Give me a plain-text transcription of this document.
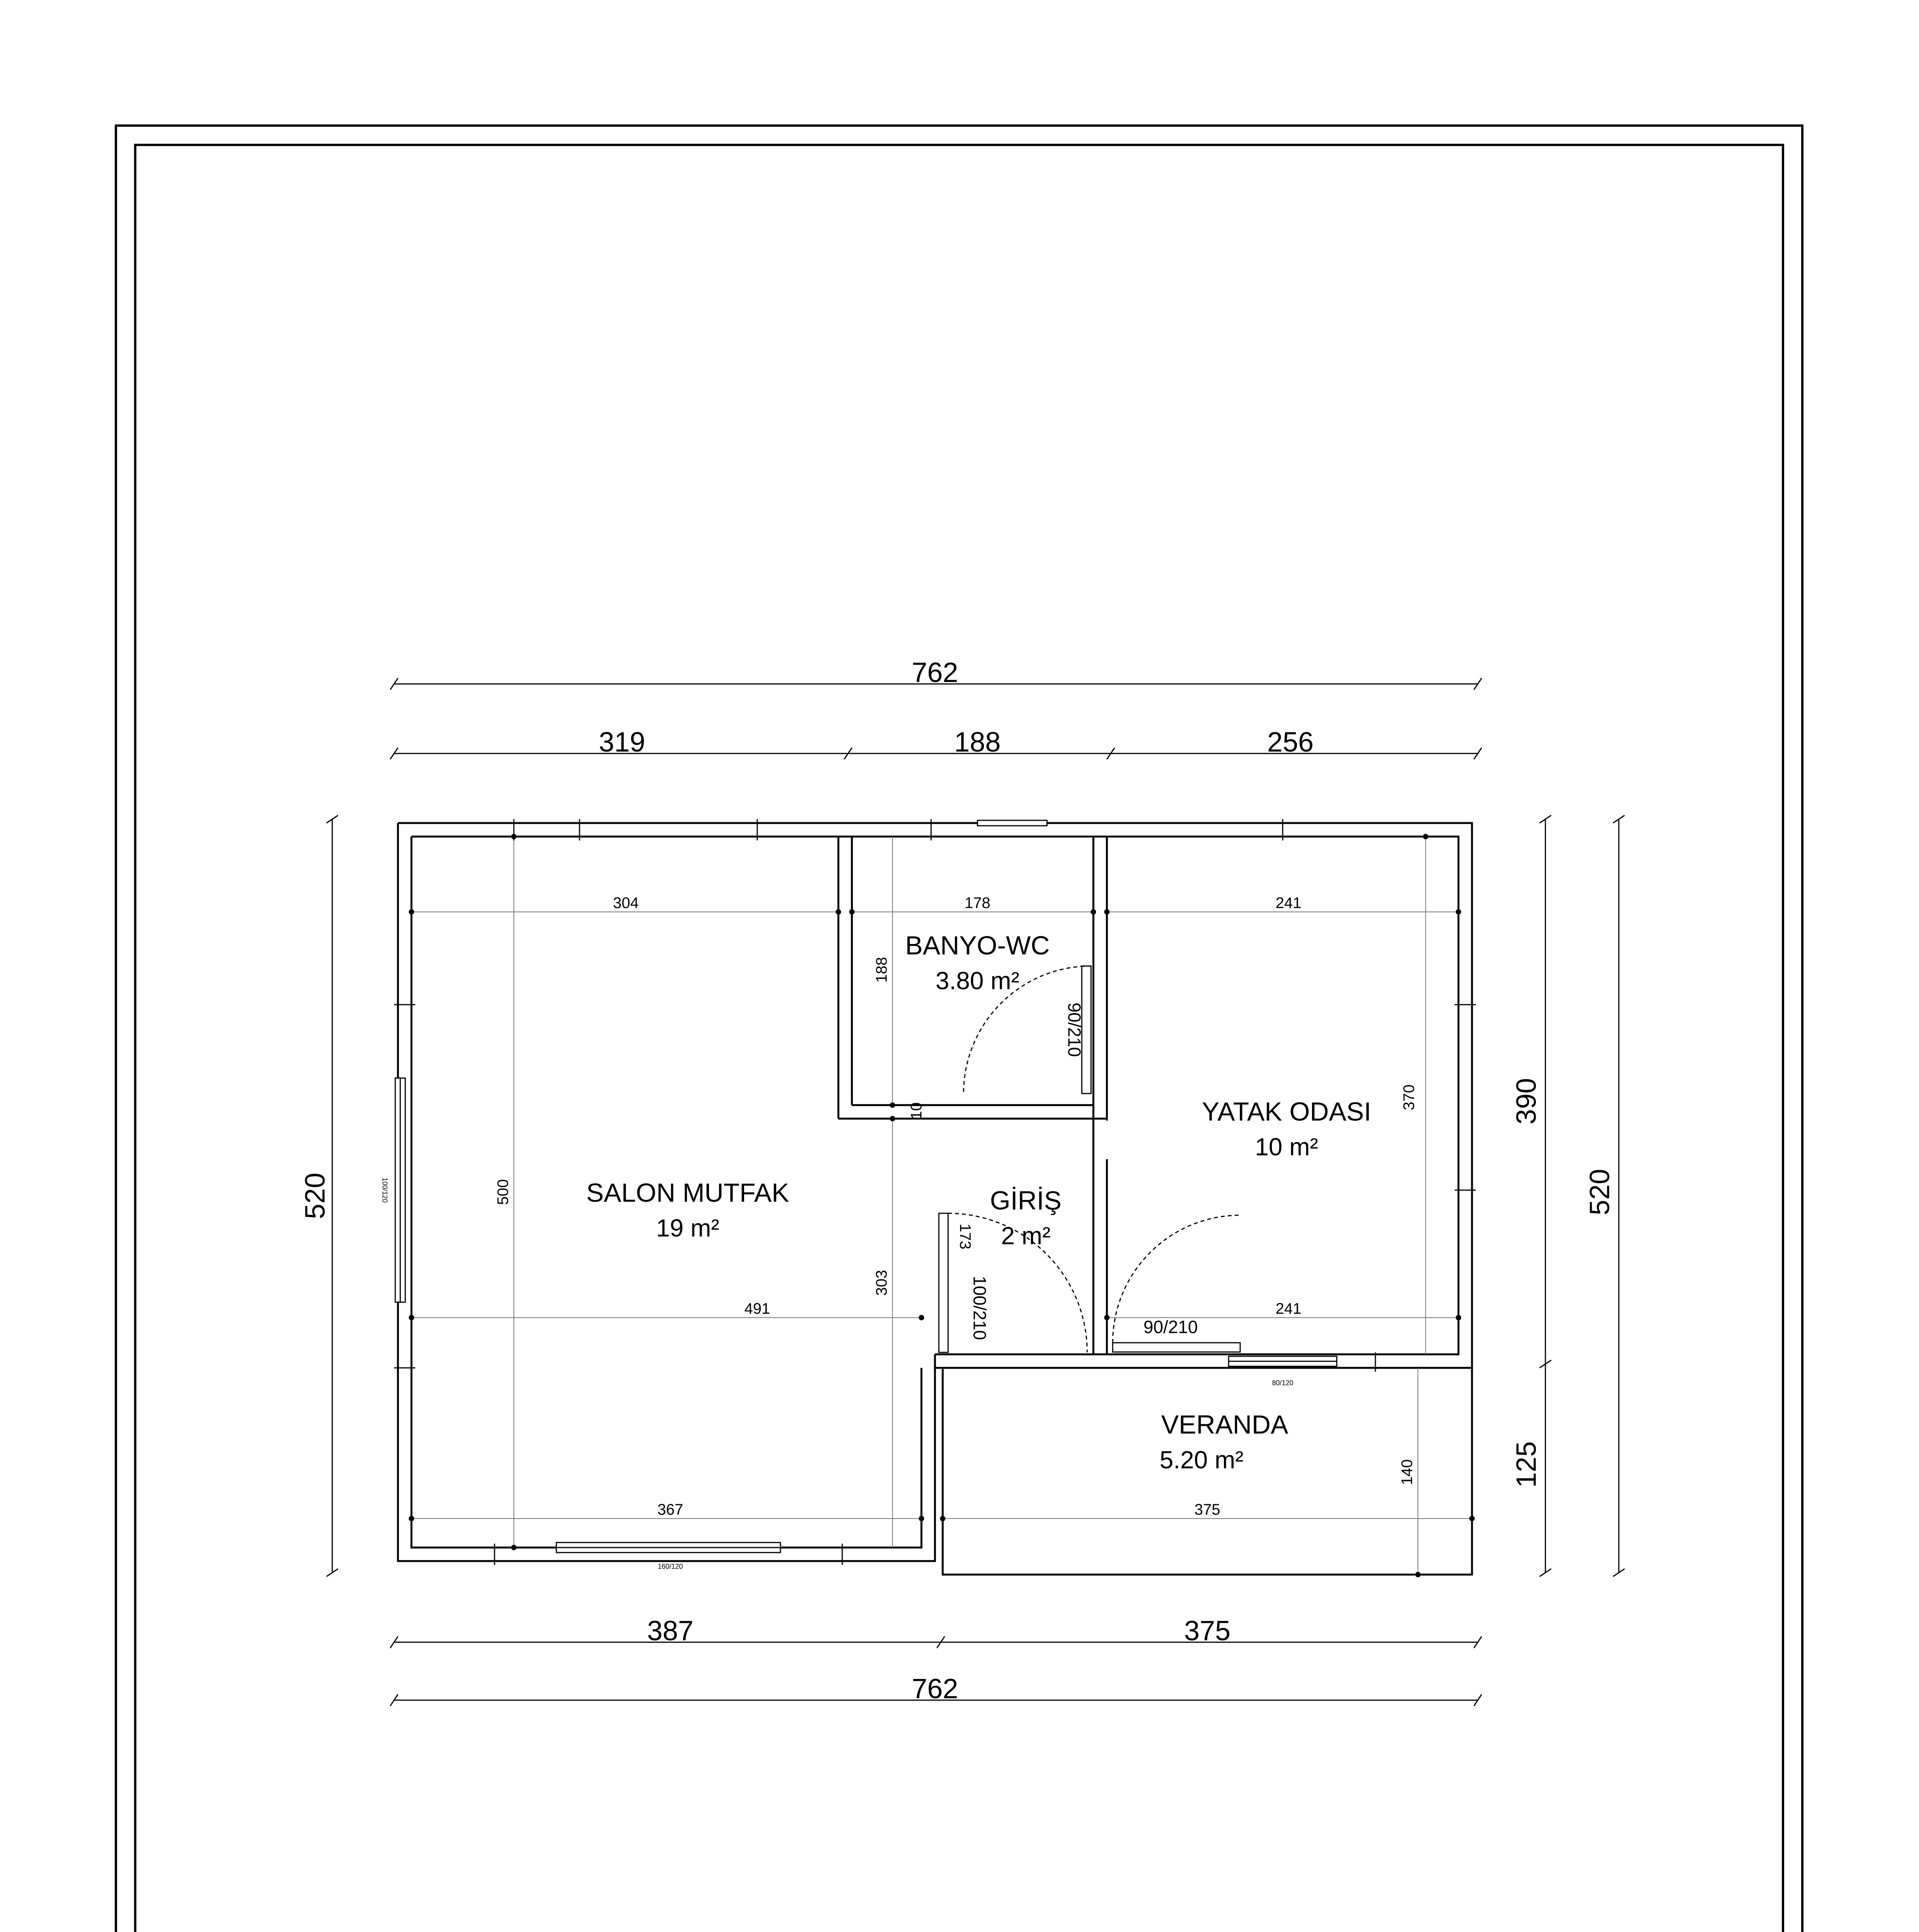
SALON MUTFAK
19 m²
BANYO-WC
3.80 m²
YATAK ODASI
10 m²
GİRİŞ
2 m²
VERANDA
5.20 m²
762
319	188	256
387	375
762
520
390
125
520
304	178	241
491	241
367	375
188
10
500
370
173
303
140
90/210
100/210	90/210
160/120
80/120
100/120
